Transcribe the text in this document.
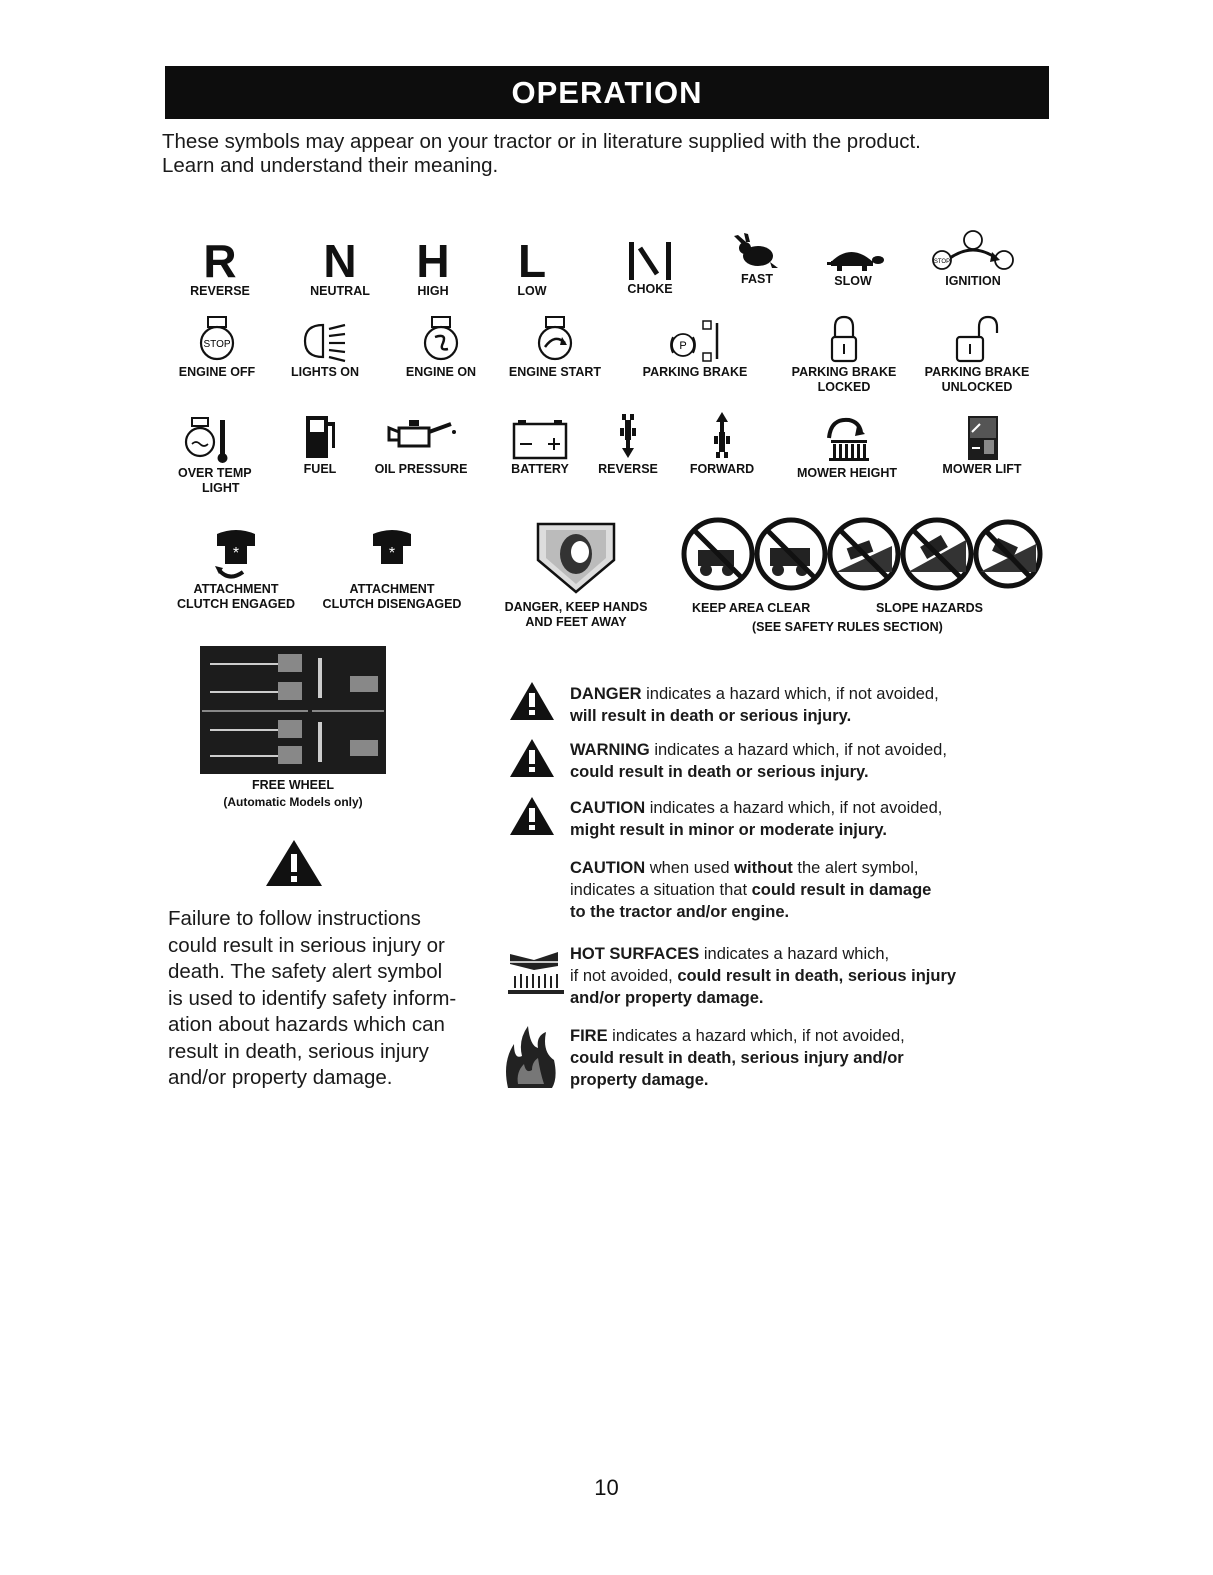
OPERATION
These symbols may appear on your tractor or in literature supplied with the product.
Learn and understand their meaning.
R
REVERSE
N
NEUTRAL
H
HIGH
L
LOW	CHOKE
FAST	SLOW
STOP
IGNITION
STOP
ENGINE OFF	LIGHTS ON	ENGINE ON	ENGINE START
P
PARKING BRAKE	PARKING BRAKE
LOCKED
PARKING BRAKE
UNLOCKED
OVER TEMP
LIGHT
FUEL	OIL PRESSURE	BATTERY	REVERSE	FORWARD	MOWER HEIGHT	MOWER LIFT
*
ATTACHMENT
CLUTCH ENGAGED
*
ATTACHMENT
CLUTCH DISENGAGED	DANGER, KEEP HANDS
AND FEET AWAY
KEEP AREA CLEAR	SLOPE HAZARDS
(SEE SAFETY RULES SECTION)
FREE WHEEL
(Automatic Models only)
Failure to follow instructions
could result in serious injury or
death. The safety alert symbol
is used to identify safety inform-
ation about hazards which can
result in death, serious injury
and/or property damage.
DANGER indicates a hazard which, if not avoided,
will result in death or serious injury.
WARNING indicates a hazard which, if not avoided,
could result in death or serious injury.
CAUTION indicates a hazard which, if not avoided,
might result in minor or moderate injury.
CAUTION when used without the alert symbol,
indicates a situation that could result in damage
to the tractor and/or engine.
HOT SURFACES indicates a hazard which,
if not avoided, could result in death, serious injury
and/or property damage.
FIRE indicates a hazard which, if not avoided,
could result in death, serious injury and/or
property damage.
10
